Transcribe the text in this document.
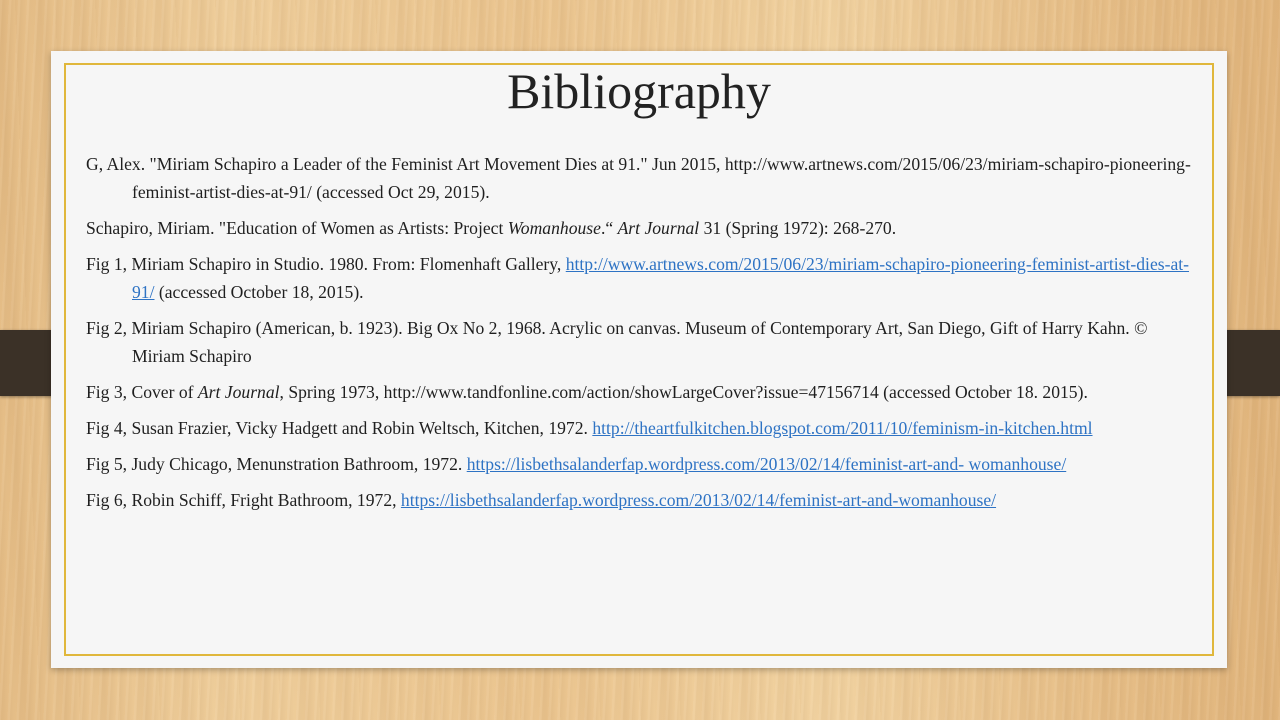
Bibliography

G, Alex. "Miriam Schapiro a Leader of the Feminist Art Movement Dies at 91." Jun 2015, http://www.artnews.com/2015/06/23/miriam-schapiro-pioneering-feminist-artist-dies-at-91/ (accessed Oct 29, 2015).

Schapiro, Miriam. "Education of Women as Artists: Project Womanhouse.“ Art Journal 31 (Spring 1972): 268-270.

Fig 1, Miriam Schapiro in Studio. 1980. From: Flomenhaft Gallery, http://www.artnews.com/2015/06/23/miriam-schapiro-pioneering-feminist-artist-dies-at-91/ (accessed October 18, 2015).

Fig 2, Miriam Schapiro (American, b. 1923). Big Ox No 2, 1968. Acrylic on canvas. Museum of Contemporary Art, San Diego, Gift of Harry Kahn. © Miriam Schapiro

Fig 3, Cover of Art Journal, Spring 1973, http://www.tandfonline.com/action/showLargeCover?issue=47156714 (accessed October 18. 2015).

Fig 4, Susan Frazier, Vicky Hadgett and Robin Weltsch, Kitchen, 1972. http://theartfulkitchen.blogspot.com/2011/10/feminism-in-kitchen.html

Fig 5, Judy Chicago, Menunstration Bathroom, 1972. https://lisbethsalanderfap.wordpress.com/2013/02/14/feminist-art-and- womanhouse/

Fig 6, Robin Schiff, Fright Bathroom, 1972, https://lisbethsalanderfap.wordpress.com/2013/02/14/feminist-art-and-womanhouse/
